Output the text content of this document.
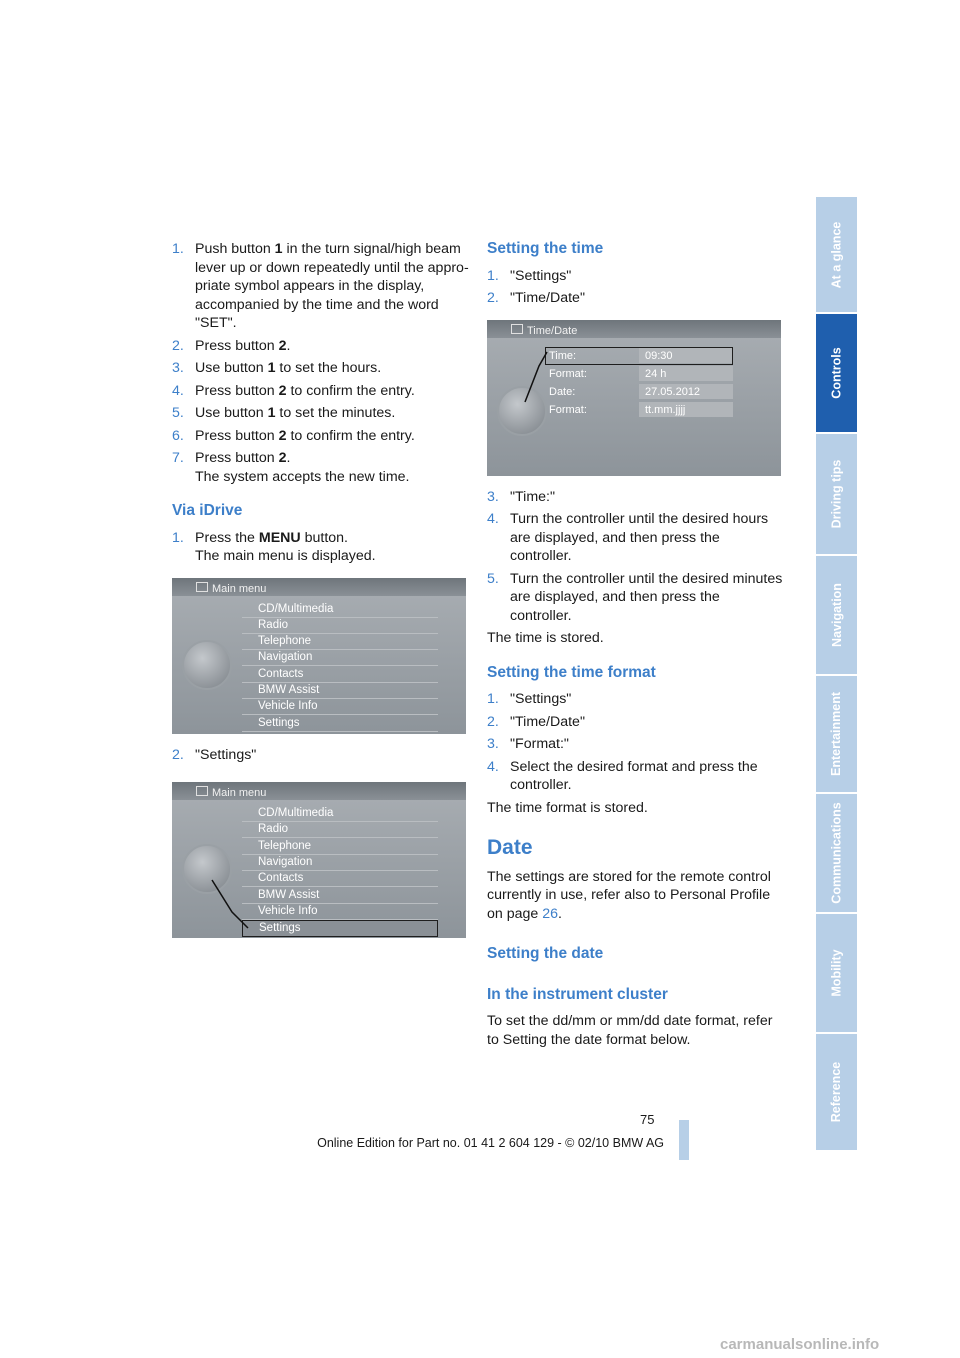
1. Push button 1 in the turn signal/high beam lever up or down repeatedly until the appro-priate symbol appears in the display, accompanied by the time and the word "SET".
2. Press button 2.
3. Use button 1 to set the hours.
4. Press button 2 to confirm the entry.
5. Use button 1 to set the minutes.
6. Press button 2 to confirm the entry.
7. Press button 2.
The system accepts the new time.
Via iDrive
1. Press the MENU button.
The main menu is displayed.
Main menu
CD/Multimedia
Radio
Telephone
Navigation
Contacts
BMW Assist
Vehicle Info
Settings
2. "Settings"
Main menu
CD/Multimedia
Radio
Telephone
Navigation
Contacts
BMW Assist
Vehicle Info
Settings
Setting the time
1. "Settings"
2. "Time/Date"
Time/Date
Time:	09:30
Format:	24 h
Date:	27.05.2012
Format:	tt.mm.jjjj
3. "Time:"
4. Turn the controller until the desired hours are displayed, and then press the controller.
5. Turn the controller until the desired minutes are displayed, and then press the controller.

The time is stored.

Setting the time format
1. "Settings"
2. "Time/Date"
3. "Format:"
4. Select the desired format and press the controller.

The time format is stored.

Date

The settings are stored for the remote control currently in use, refer also to Personal Profile on page 26.

Setting the date
In the instrument cluster

To set the dd/mm or mm/dd date format, refer to Setting the date format below.

At a glance
Controls
Driving tips
Navigation
Entertainment
Communications
Mobility
Reference
75
Online Edition for Part no. 01 41 2 604 129 - © 02/10 BMW AG
carmanualsonline.info
